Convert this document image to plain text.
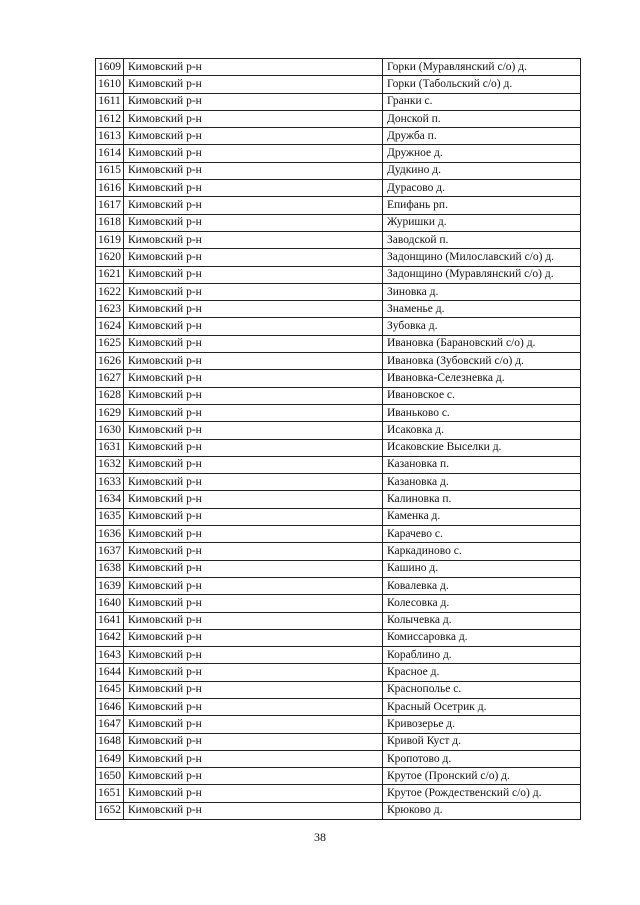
1609	Кимовский р-н	Горки (Муравлянский с/о) д.
1610	Кимовский р-н	Горки (Табольский с/о) д.
1611	Кимовский р-н	Гранки с.
1612	Кимовский р-н	Донской п.
1613	Кимовский р-н	Дружба п.
1614	Кимовский р-н	Дружное д.
1615	Кимовский р-н	Дудкино д.
1616	Кимовский р-н	Дурасово д.
1617	Кимовский р-н	Епифань рп.
1618	Кимовский р-н	Журишки д.
1619	Кимовский р-н	Заводской п.
1620	Кимовский р-н	Задонщино (Милославский с/о) д.
1621	Кимовский р-н	Задонщино (Муравлянский с/о) д.
1622	Кимовский р-н	Зиновка д.
1623	Кимовский р-н	Знаменье д.
1624	Кимовский р-н	Зубовка д.
1625	Кимовский р-н	Ивановка (Барановский с/о) д.
1626	Кимовский р-н	Ивановка (Зубовский с/о) д.
1627	Кимовский р-н	Ивановка-Селезневка д.
1628	Кимовский р-н	Ивановское с.
1629	Кимовский р-н	Иваньково с.
1630	Кимовский р-н	Исаковка д.
1631	Кимовский р-н	Исаковские Выселки д.
1632	Кимовский р-н	Казановка п.
1633	Кимовский р-н	Казановка д.
1634	Кимовский р-н	Калиновка п.
1635	Кимовский р-н	Каменка д.
1636	Кимовский р-н	Карачево с.
1637	Кимовский р-н	Каркадиново с.
1638	Кимовский р-н	Кашино д.
1639	Кимовский р-н	Ковалевка д.
1640	Кимовский р-н	Колесовка д.
1641	Кимовский р-н	Колычевка д.
1642	Кимовский р-н	Комиссаровка д.
1643	Кимовский р-н	Кораблино д.
1644	Кимовский р-н	Красное д.
1645	Кимовский р-н	Краснополье с.
1646	Кимовский р-н	Красный Осетрик д.
1647	Кимовский р-н	Кривозерье д.
1648	Кимовский р-н	Кривой Куст д.
1649	Кимовский р-н	Кропотово д.
1650	Кимовский р-н	Крутое (Пронский с/о) д.
1651	Кимовский р-н	Крутое (Рождественский с/о) д.
1652	Кимовский р-н	Крюково д.
38
